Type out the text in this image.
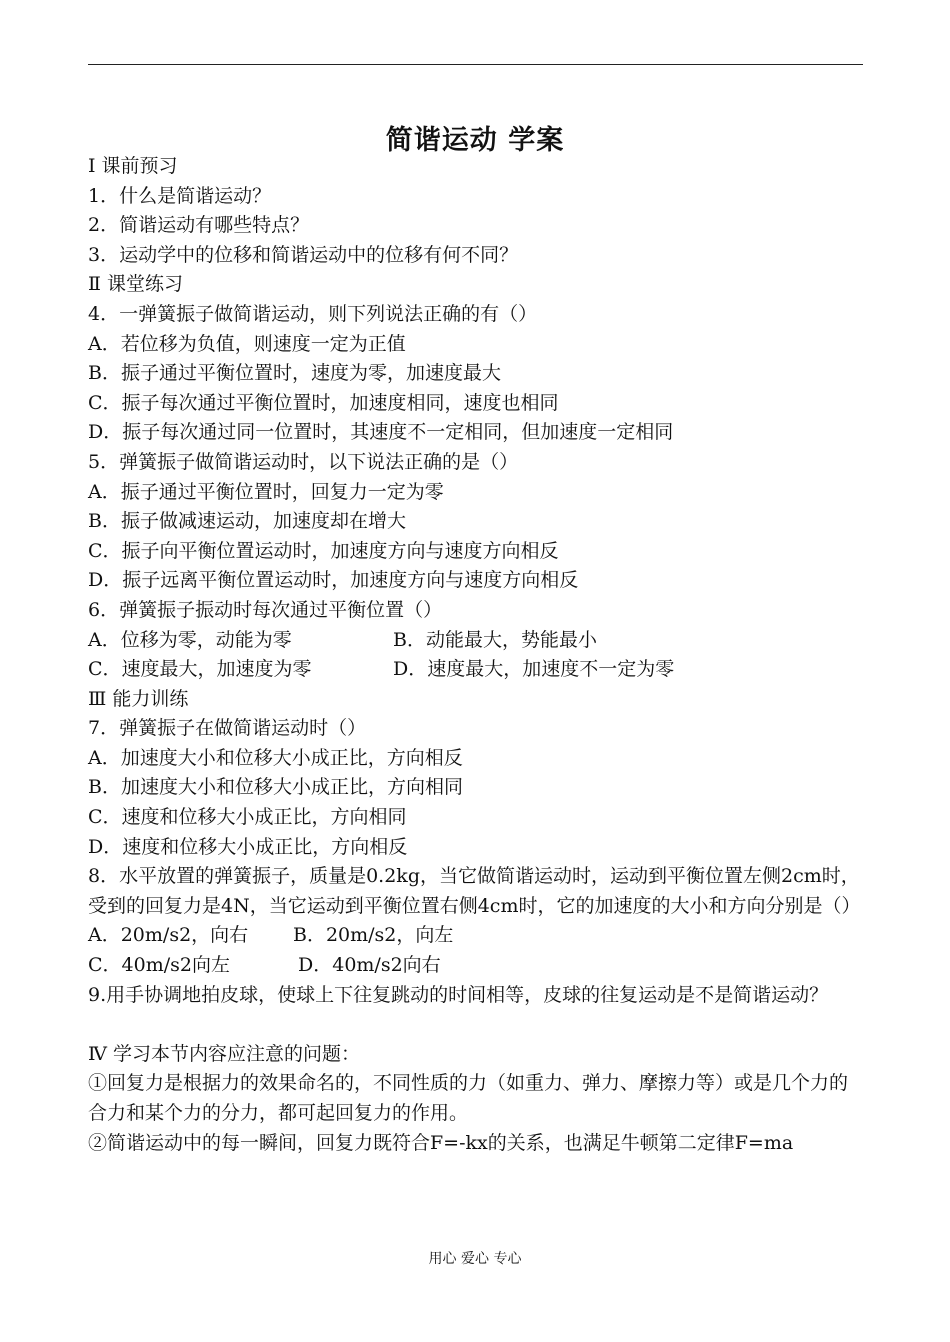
简谐运动 学案
Ⅰ 课前预习
1．什么是简谐运动？
2．简谐运动有哪些特点？
3．运动学中的位移和简谐运动中的位移有何不同？
Ⅱ 课堂练习
4．一弹簧振子做简谐运动，则下列说法正确的有（）
A．若位移为负值，则速度一定为正值
B．振子通过平衡位置时，速度为零，加速度最大
C．振子每次通过平衡位置时，加速度相同，速度也相同
D．振子每次通过同一位置时，其速度不一定相同，但加速度一定相同
5．弹簧振子做简谐运动时，以下说法正确的是（）
A．振子通过平衡位置时，回复力一定为零
B．振子做减速运动，加速度却在增大
C．振子向平衡位置运动时，加速度方向与速度方向相反
D．振子远离平衡位置运动时，加速度方向与速度方向相反
6．弹簧振子振动时每次通过平衡位置（）
A．位移为零，动能为零	B．动能最大，势能最小
C．速度最大，加速度为零	D．速度最大，加速度不一定为零
Ⅲ 能力训练
7．弹簧振子在做简谐运动时（）
A．加速度大小和位移大小成正比，方向相反
B．加速度大小和位移大小成正比，方向相同
C．速度和位移大小成正比，方向相同
D．速度和位移大小成正比，方向相反
8．水平放置的弹簧振子，质量是0.2kg，当它做简谐运动时，运动到平衡位置左侧2cm时，受到的回复力是4N，当它运动到平衡位置右侧4cm时，它的加速度的大小和方向分别是（）
A．20m/s2，向右 B．20m/s2，向左
C．40m/s2向左	D．40m/s2向右
9.用手协调地拍皮球，使球上下往复跳动的时间相等，皮球的往复运动是不是简谐运动？
Ⅳ 学习本节内容应注意的问题：
①回复力是根据力的效果命名的，不同性质的力（如重力、弹力、摩擦力等）或是几个力的合力和某个力的分力，都可起回复力的作用。
②简谐运动中的每一瞬间，回复力既符合F=-kx的关系，也满足牛顿第二定律F=ma
用心 爱心 专心
